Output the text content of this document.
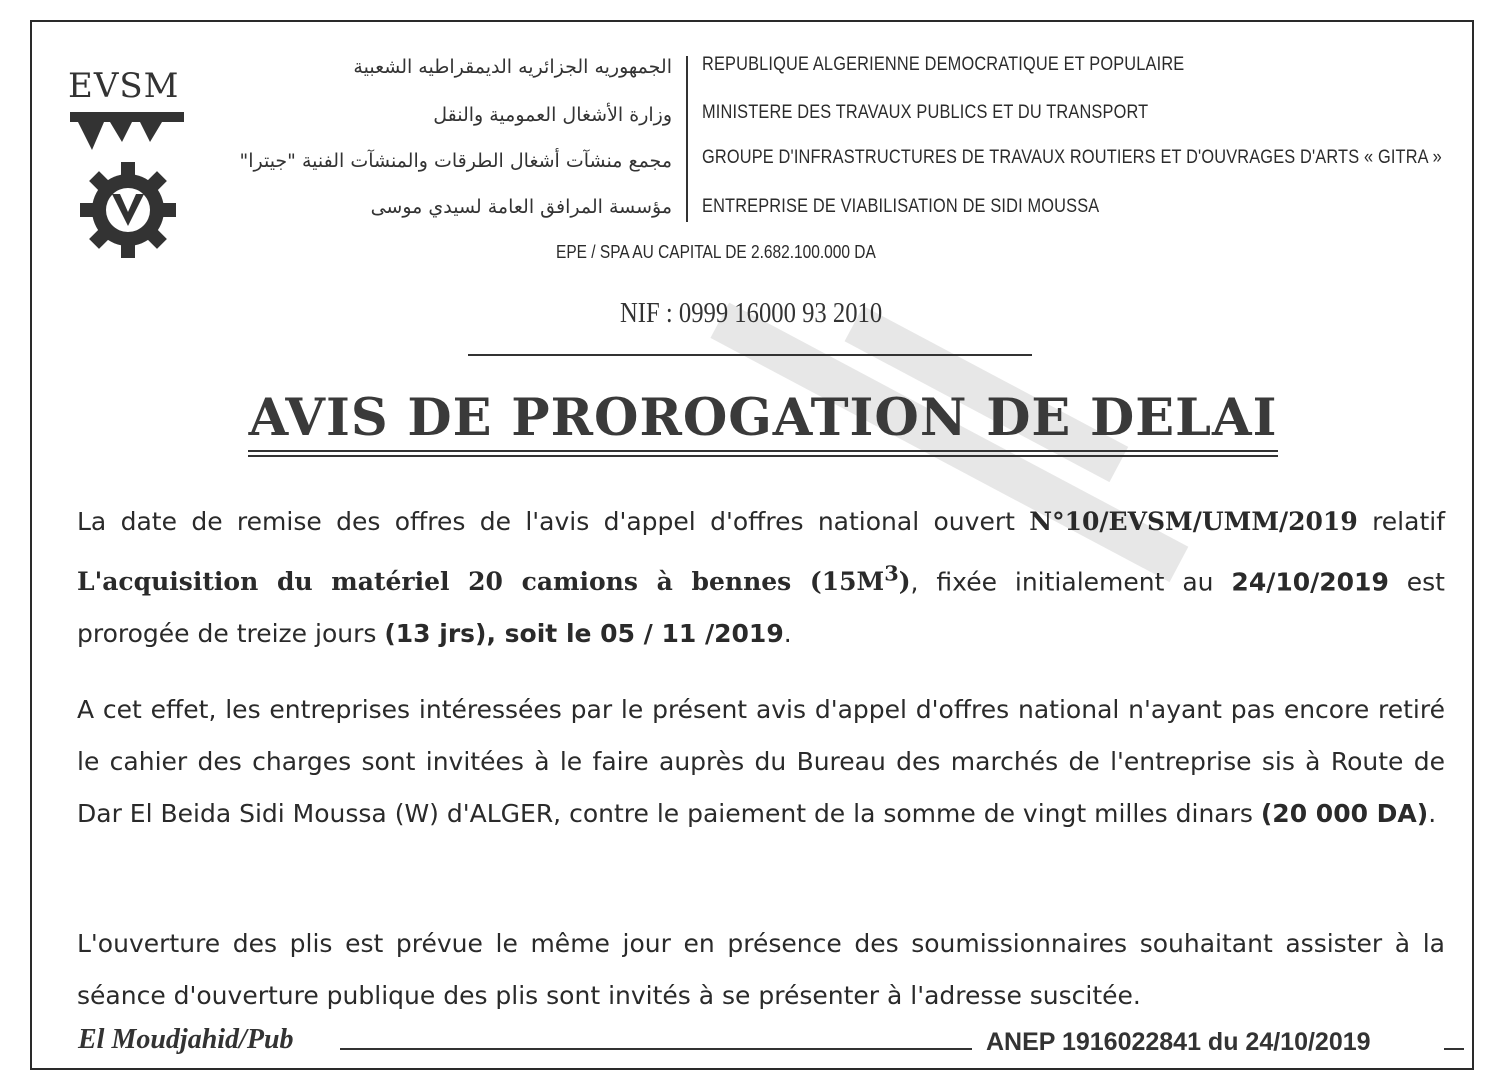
EVSM	الجمهوريه الجزائريه الديمقراطيه الشعبية
وزارة الأشغال العمومية والنقل
مجمع منشآت أشغال الطرقات والمنشآت الفنية "جيترا"
مؤسسة المرافق العامة لسيدي موسى
REPUBLIQUE ALGERIENNE DEMOCRATIQUE ET POPULAIRE
MINISTERE DES TRAVAUX PUBLICS ET DU TRANSPORT
GROUPE D'INFRASTRUCTURES DE TRAVAUX ROUTIERS ET D'OUVRAGES D'ARTS « GITRA »
ENTREPRISE DE VIABILISATION DE SIDI MOUSSA
EPE / SPA AU CAPITAL DE 2.682.100.000 DA
NIF : 0999 16000 93 2010
AVIS DE PROROGATION DE DELAI
La date de remise des offres de l'avis d'appel d'offres national ouvert N°10/EVSM/UMM/2019 relatif L'acquisition du matériel 20 camions à bennes $(15M^3)$, fixée initialement au 24/10/2019 est prorogée de treize jours (13 jrs), soit le 05 / 11 /2019.
A cet effet, les entreprises intéressées par le présent avis d'appel d'offres national n'ayant pas encore retiré le cahier des charges sont invitées à le faire auprès du Bureau des marchés de l'entreprise sis à Route de Dar El Beida Sidi Moussa (W) d'ALGER, contre le paiement de la somme de vingt milles dinars (20 000 DA).
L'ouverture des plis est prévue le même jour en présence des soumissionnaires souhaitant assister à la séance d'ouverture publique des plis sont invités à se présenter à l'adresse suscitée.
El Moudjahid/Pub	ANEP 1916022841 du 24/10/2019
